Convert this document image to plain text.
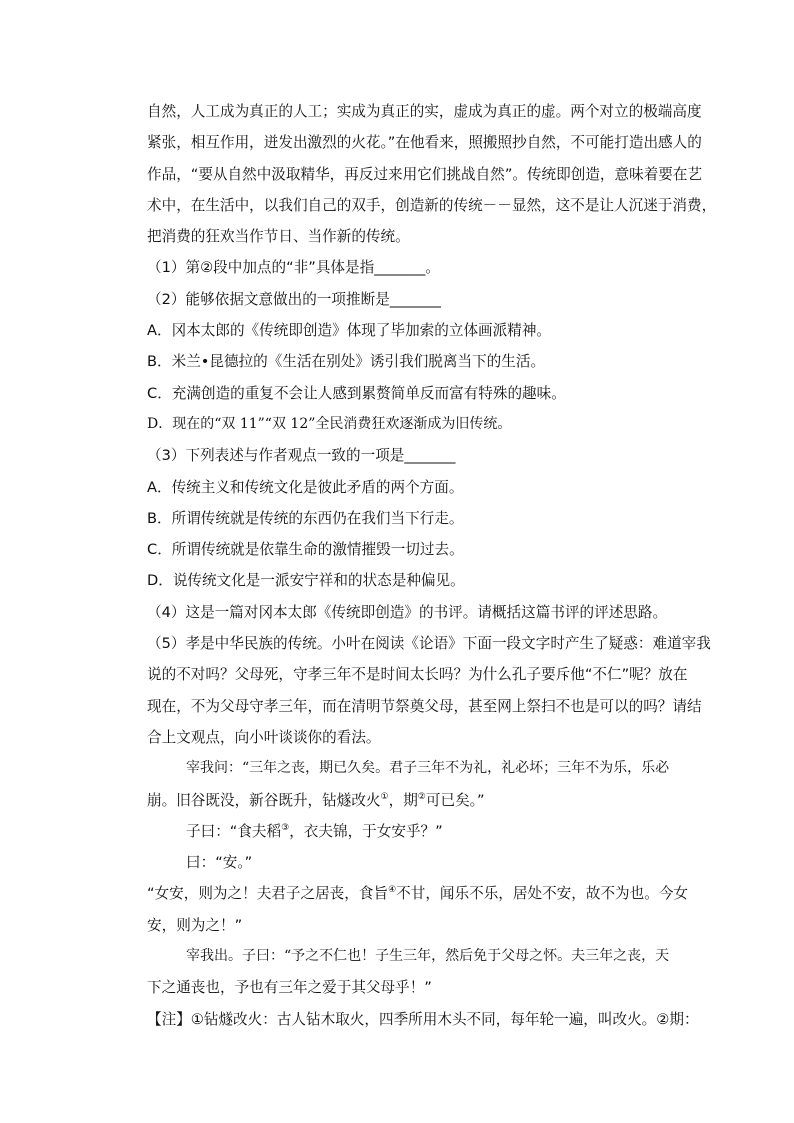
自然，人工成为真正的人工；实成为真正的实，虚成为真正的虚。两个对立的极端高度

紧张，相互作用，迸发出激烈的火花。”在他看来，照搬照抄自然，不可能打造出感人的

作品，“要从自然中汲取精华，再反过来用它们挑战自然”。传统即创造，意味着要在艺

术中，在生活中，以我们自己的双手，创造新的传统－－显然，这不是让人沉迷于消费，

把消费的狂欢当作节日、当作新的传统。

（1）第②段中加点的“非”具体是指_______。

（2）能够依据文意做出的一项推断是_______

A．冈本太郎的《传统即创造》体现了毕加索的立体画派精神。

B．米兰•昆德拉的《生活在别处》诱引我们脱离当下的生活。

C．充满创造的重复不会让人感到累赘简单反而富有特殊的趣味。

D．现在的“双 11”“双 12”全民消费狂欢逐渐成为旧传统。

（3）下列表述与作者观点一致的一项是_______

A．传统主义和传统文化是彼此矛盾的两个方面。

B．所谓传统就是传统的东西仍在我们当下行走。

C．所谓传统就是依靠生命的激情摧毁一切过去。

D．说传统文化是一派安宁祥和的状态是种偏见。

（4）这是一篇对冈本太郎《传统即创造》的书评。请概括这篇书评的评述思路。

（5）孝是中华民族的传统。小叶在阅读《论语》下面一段文字时产生了疑惑：难道宰我

说的不对吗？父母死，守孝三年不是时间太长吗？为什么孔子要斥他“不仁”呢？放在

现在，不为父母守孝三年，而在清明节祭奠父母，甚至网上祭扫不也是可以的吗？请结

合上文观点，向小叶谈谈你的看法。

宰我问：“三年之丧，期已久矣。君子三年不为礼，礼必坏；三年不为乐，乐必

崩。旧谷既没，新谷既升，钻燧改火①，期②可已矣。”

子曰：“食夫稻③，衣夫锦，于女安乎？”

曰：“安。”

“女安，则为之！夫君子之居丧，食旨④不甘，闻乐不乐，居处不安，故不为也。今女

安，则为之！”

宰我出。子曰：“予之不仁也！子生三年，然后免于父母之怀。夫三年之丧，天

下之通丧也，予也有三年之爱于其父母乎！”

【注】①钻燧改火：古人钻木取火，四季所用木头不同，每年轮一遍，叫改火。②期：
